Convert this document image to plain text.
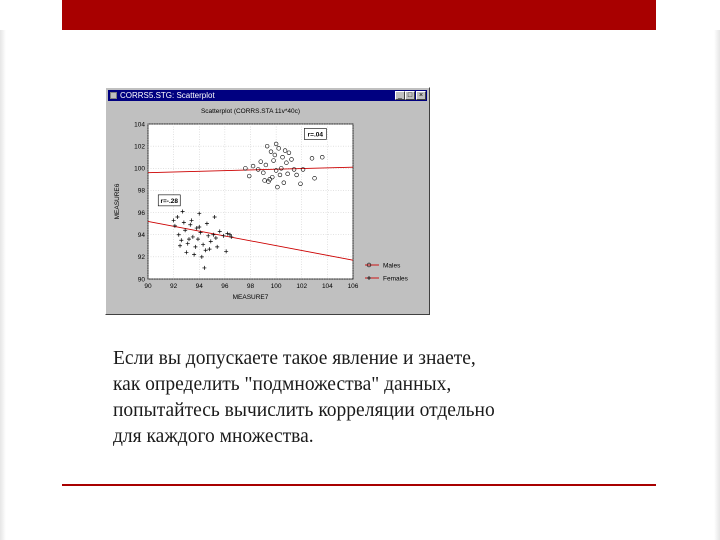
CORRS5.STG: Scatterplot	_ □ ×
Scatterplot (CORRS.STA 11v*40c)
90	92	94	96	98	100 102 104 106
90
92
94
96
98
100
102
104
MEASURE7
MEASURE6
r=.04
r=-.28
Males
Females
Если вы допускаете такое явление и знаете,
как определить "подмножества" данных,
попытайтесь вычислить корреляции отдельно
для каждого множества.
